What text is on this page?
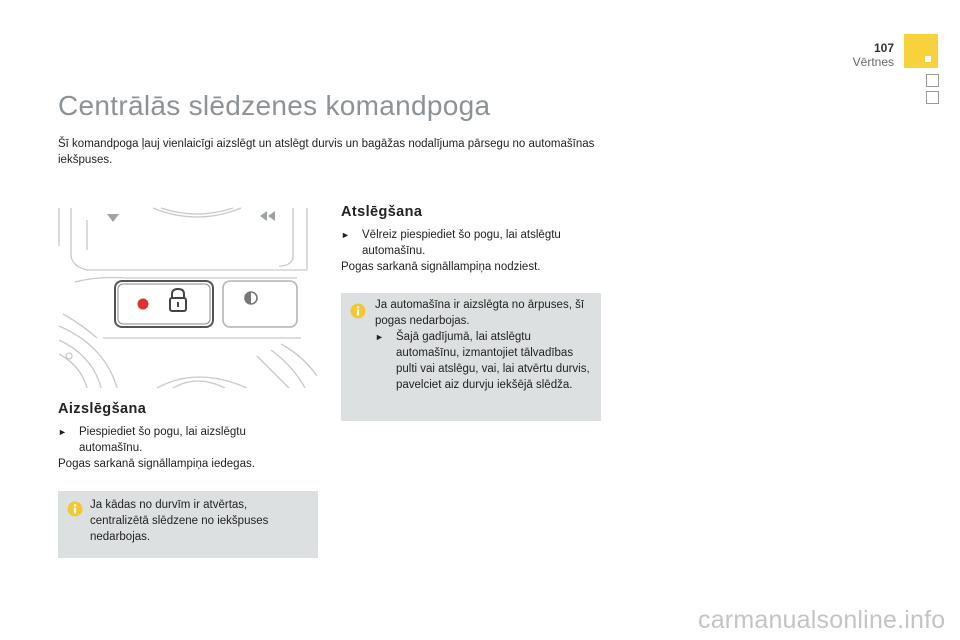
107
Vērtnes
Centrālās slēdzenes komandpoga
Šī komandpoga ļauj vienlaicīgi aizslēgt un atslēgt durvis un bagāžas nodalījuma pārsegu no automašīnas iekšpuses.
Aizslēgšana
► Piespiediet šo pogu, lai aizslēgtu automašīnu.
Pogas sarkanā signāllampiņa iedegas.
Ja kādas no durvīm ir atvērtas, centralizētā slēdzene no iekšpuses nedarbojas.
Atslēgšana
► Vēlreiz piespiediet šo pogu, lai atslēgtu automašīnu.
Pogas sarkanā signāllampiņa nodziest.
Ja automašīna ir aizslēgta no ārpuses, šī pogas nedarbojas.
► Šajā gadījumā, lai atslēgtu automašīnu, izmantojiet tālvadības pulti vai atslēgu, vai, lai atvērtu durvis, pavelciet aiz durvju iekšējā slēdža.
carmanualsonline.info
